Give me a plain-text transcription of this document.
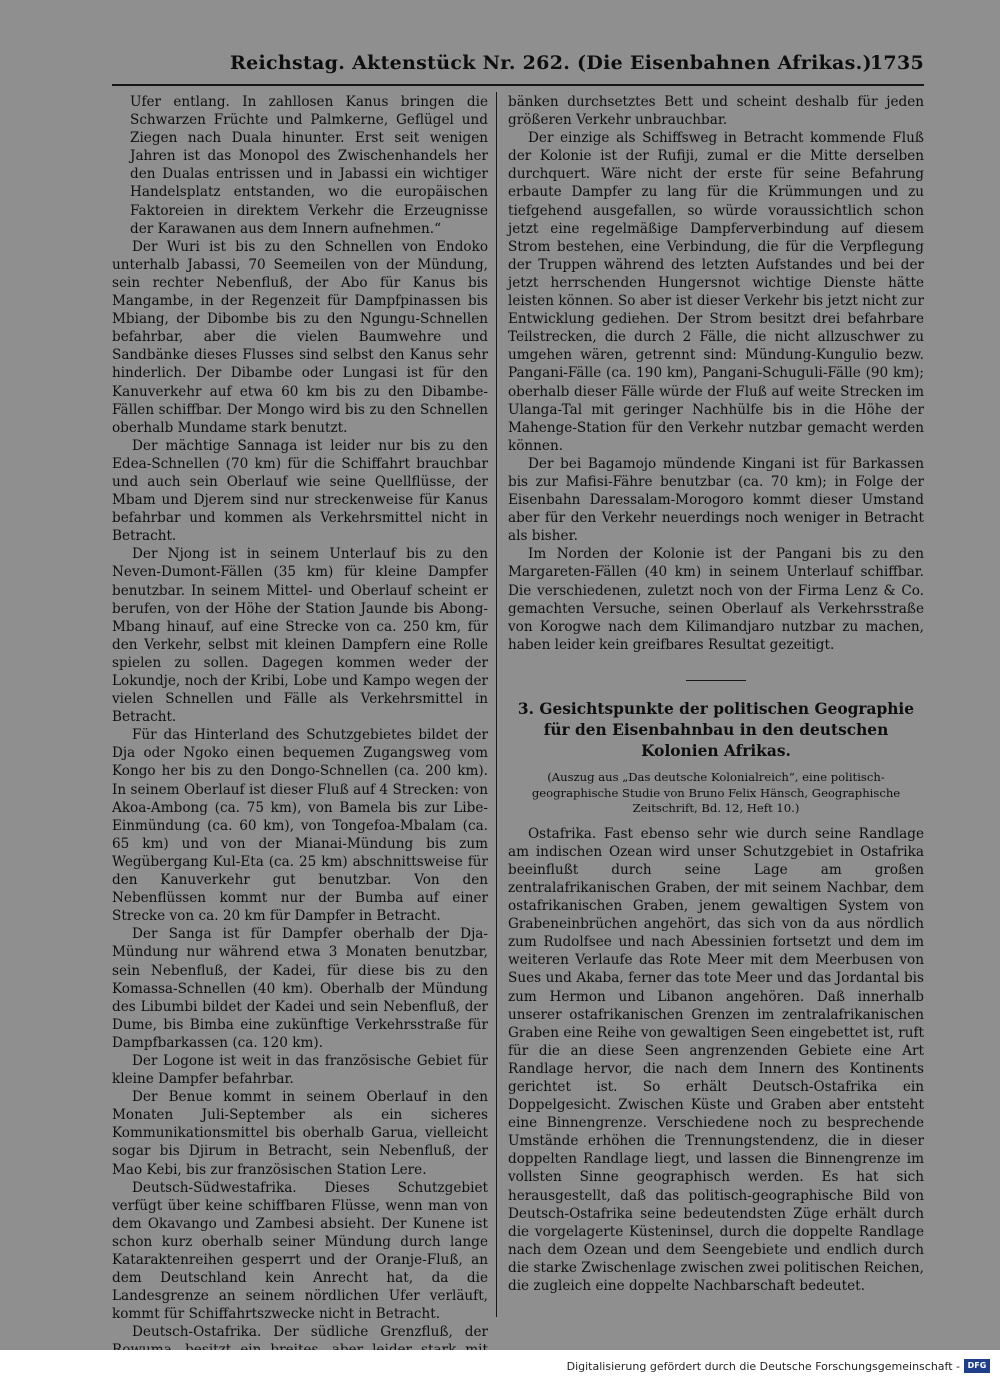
Reichstag. Aktenstück Nr. 262. (Die Eisenbahnen Afrikas.)
1735

Ufer entlang. In zahllosen Kanus bringen die Schwarzen Früchte und Palmkerne, Geflügel und Ziegen nach Duala hinunter. Erst seit wenigen Jahren ist das Monopol des Zwischenhandels her den Dualas entrissen und in Jabassi ein wichtiger Handelsplatz entstanden, wo die europäischen Faktoreien in direktem Verkehr die Erzeugnisse der Karawanen aus dem Innern aufnehmen.“

Der Wuri ist bis zu den Schnellen von Endoko unterhalb Jabassi, 70 Seemeilen von der Mündung, sein rechter Nebenfluß, der Abo für Kanus bis Mangambe, in der Regenzeit für Dampfpinassen bis Mbiang, der Dibombe bis zu den Ngungu-Schnellen befahrbar, aber die vielen Baumwehre und Sandbänke dieses Flusses sind selbst den Kanus sehr hinderlich. Der Dibambe oder Lungasi ist für den Kanuverkehr auf etwa 60 km bis zu den Dibambe-Fällen schiffbar. Der Mongo wird bis zu den Schnellen oberhalb Mundame stark benutzt.

Der mächtige Sannaga ist leider nur bis zu den Edea-Schnellen (70 km) für die Schiffahrt brauchbar und auch sein Oberlauf wie seine Quellflüsse, der Mbam und Djerem sind nur streckenweise für Kanus befahrbar und kommen als Verkehrsmittel nicht in Betracht.

Der Njong ist in seinem Unterlauf bis zu den Neven-Dumont-Fällen (35 km) für kleine Dampfer benutzbar. In seinem Mittel- und Oberlauf scheint er berufen, von der Höhe der Station Jaunde bis Abong-Mbang hinauf, auf eine Strecke von ca. 250 km, für den Verkehr, selbst mit kleinen Dampfern eine Rolle spielen zu sollen. Dagegen kommen weder der Lokundje, noch der Kribi, Lobe und Kampo wegen der vielen Schnellen und Fälle als Verkehrsmittel in Betracht.

Für das Hinterland des Schutzgebietes bildet der Dja oder Ngoko einen bequemen Zugangsweg vom Kongo her bis zu den Dongo-Schnellen (ca. 200 km). In seinem Oberlauf ist dieser Fluß auf 4 Strecken: von Akoa-Ambong (ca. 75 km), von Bamela bis zur Libe-Einmündung (ca. 60 km), von Tongefoa-Mbalam (ca. 65 km) und von der Mianai-Mündung bis zum Wegübergang Kul-Eta (ca. 25 km) abschnittsweise für den Kanuverkehr gut benutzbar. Von den Nebenflüssen kommt nur der Bumba auf einer Strecke von ca. 20 km für Dampfer in Betracht.

Der Sanga ist für Dampfer oberhalb der Dja-Mündung nur während etwa 3 Monaten benutzbar, sein Nebenfluß, der Kadei, für diese bis zu den Komassa-Schnellen (40 km). Oberhalb der Mündung des Libumbi bildet der Kadei und sein Nebenfluß, der Dume, bis Bimba eine zukünftige Verkehrsstraße für Dampfbarkassen (ca. 120 km).

Der Logone ist weit in das französische Gebiet für kleine Dampfer befahrbar.

Der Benue kommt in seinem Oberlauf in den Monaten Juli-September als ein sicheres Kommunikationsmittel bis oberhalb Garua, vielleicht sogar bis Djirum in Betracht, sein Nebenfluß, der Mao Kebi, bis zur französischen Station Lere.

Deutsch-Südwestafrika. Dieses Schutzgebiet verfügt über keine schiffbaren Flüsse, wenn man von dem Okavango und Zambesi absieht. Der Kunene ist schon kurz oberhalb seiner Mündung durch lange Kataraktenreihen gesperrt und der Oranje-Fluß, an dem Deutschland kein Anrecht hat, da die Landesgrenze an seinem nördlichen Ufer verläuft, kommt für Schiffahrtszwecke nicht in Betracht.

Deutsch-Ostafrika. Der südliche Grenzfluß, der

bänken durchsetztes Bett und scheint deshalb für jeden größeren Verkehr unbrauchbar.

Der einzige als Schiffsweg in Betracht kommende Fluß der Kolonie ist der Rufiji, zumal er die Mitte derselben durchquert. Wäre nicht der erste für seine Befahrung erbaute Dampfer zu lang für die Krümmungen und zu tiefgehend ausgefallen, so würde voraussichtlich schon jetzt eine regelmäßige Dampferverbindung auf diesem Strom bestehen, eine Verbindung, die für die Verpflegung der Truppen während des letzten Aufstandes und bei der jetzt herrschenden Hungersnot wichtige Dienste hätte leisten können. So aber ist dieser Verkehr bis jetzt nicht zur Entwicklung gediehen. Der Strom besitzt drei befahrbare Teilstrecken, die durch 2 Fälle, die nicht allzuschwer zu umgehen wären, getrennt sind: Mündung-Kungulio bezw. Pangani-Fälle (ca. 190 km), Pangani-Schuguli-Fälle (90 km); oberhalb dieser Fälle würde der Fluß auf weite Strecken im Ulanga-Tal mit geringer Nachhülfe bis in die Höhe der Mahenge-Station für den Verkehr nutzbar gemacht werden können.

Der bei Bagamojo mündende Kingani ist für Barkassen bis zur Mafisi-Fähre benutzbar (ca. 70 km); in Folge der Eisenbahn Daressalam-Morogoro kommt dieser Umstand aber für den Verkehr neuerdings noch weniger in Betracht als bisher.

Im Norden der Kolonie ist der Pangani bis zu den Margareten-Fällen (40 km) in seinem Unterlauf schiffbar. Die verschiedenen, zuletzt noch von der Firma Lenz & Co. gemachten Versuche, seinen Oberlauf als Verkehrsstraße von Korogwe nach dem Kilimandjaro nutzbar zu machen, haben leider kein greifbares Resultat gezeitigt.

3. Gesichtspunkte der politischen Geographie für den Eisenbahnbau in den deutschen Kolonien Afrikas.
(Auszug aus „Das deutsche Kolonialreich“, eine politisch-geographische Studie von Bruno Felix Hänsch, Geographische Zeitschrift, Bd. 12, Heft 10.)

Ostafrika. Fast ebenso sehr wie durch seine Randlage am indischen Ozean wird unser Schutzgebiet in Ostafrika beeinflußt durch seine Lage am großen zentralafrikanischen Graben, der mit seinem Nachbar, dem ostafrikanischen Graben, jenem gewaltigen System von Grabeneinbrüchen angehört, das sich von da aus nördlich zum Rudolfsee und nach Abessinien fortsetzt und dem im weiteren Verlaufe das Rote Meer mit dem Meerbusen von Sues und Akaba, ferner das tote Meer und das Jordantal bis zum Hermon und Libanon angehören. Daß innerhalb unserer ostafrikanischen Grenzen im zentralafrikanischen Graben eine Reihe von gewaltigen Seen eingebettet ist, ruft für die an diese Seen angrenzenden Gebiete eine Art Randlage hervor, die nach dem Innern des Kontinents gerichtet ist. So erhält Deutsch-Ostafrika ein Doppelgesicht. Zwischen Küste und Graben aber entsteht eine Binnengrenze. Verschiedene noch zu besprechende Umstände erhöhen die Trennungstendenz, die in dieser doppelten Randlage liegt, und lassen die Binnengrenze im vollsten Sinne geographisch werden. Es hat sich herausgestellt, daß das politisch-geographische Bild von Deutsch-Ostafrika seine bedeutendsten Züge erhält durch die vorgelagerte Küsteninsel, durch die doppelte Randlage nach dem Ozean und dem Seengebiete und endlich durch die starke Zwischenlage zwischen zwei politischen Reichen, die zugleich eine doppelte Nachbarschaft bedeutet.

Digitalisierung gefördert durch die Deutsche Forschungsgemeinschaft - DFG
